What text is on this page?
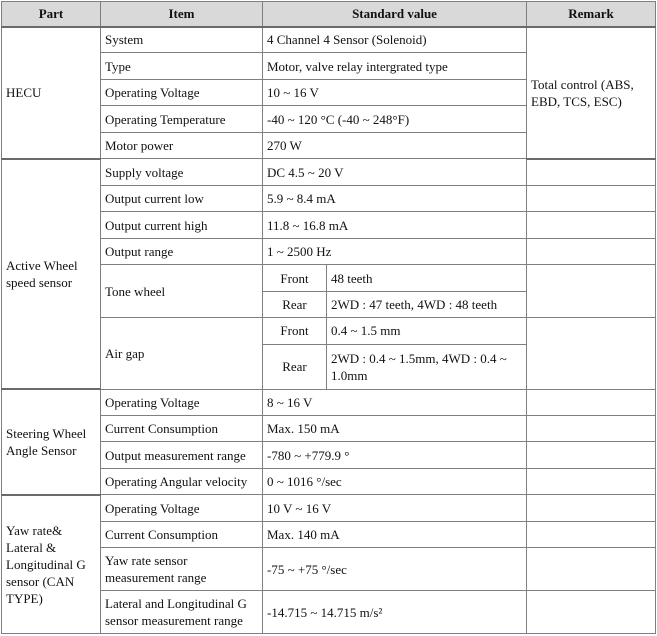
Part	Item	Standard value		Remark
HECU	System	4 Channel 4 Sensor (Solenoid)		Total control (ABS, EBD, TCS, ESC)
	Type	Motor, valve relay intergrated type		
	Operating Voltage	10 ~ 16 V		
	Operating Temperature	-40 ~ 120 °C (-40 ~ 248°F)		
	Motor power	270 W		
Active Wheel speed sensor	Supply voltage	DC 4.5 ~ 20 V		
	Output current low	5.9 ~ 8.4 mA		
	Output current high	11.8 ~ 16.8 mA		
	Output range	1 ~ 2500 Hz		
	Tone wheel	Front	48 teeth	
		Rear	2WD : 47 teeth, 4WD : 48 teeth	
	Air gap	Front	0.4 ~ 1.5 mm	
		Rear	2WD : 0.4 ~ 1.5mm, 4WD : 0.4 ~ 1.0mm	
Steering Wheel Angle Sensor	Operating Voltage	8 ~ 16 V		
	Current Consumption	Max. 150 mA		
	Output measurement range	-780 ~ +779.9 °		
	Operating Angular velocity	0 ~ 1016 °/sec		
Yaw rate& Lateral & Longitudinal G sensor (CAN TYPE)	Operating Voltage	10 V ~ 16 V		
	Current Consumption	Max. 140 mA		
	Yaw rate sensor measurement range	-75 ~ +75 °/sec		
	Lateral and Longitudinal G sensor measurement range	-14.715 ~ 14.715 m/s²		
